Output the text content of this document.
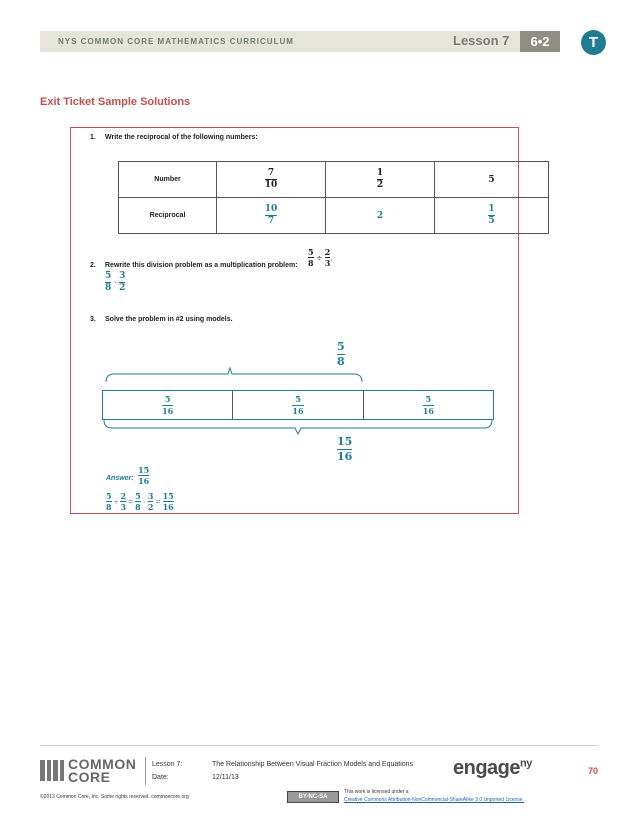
NYS COMMON CORE MATHEMATICS CURRICULUM	Lesson 7	6•2	T
Exit Ticket Sample Solutions
1. Write the reciprocal of the following numbers:
Number	$\frac{7}{10}$	$\frac{1}{2}$	5
Reciprocal	$\frac{10}{7}$	2	$\frac{1}{5}$
2. Rewrite this division problem as a multiplication problem: $\frac{5}{8} \div \frac{2}{3}$ .
$\frac{5}{8} \cdot \frac{3}{2}$
3. Solve the problem in #2 using models.
$\frac{5}{8}$
$\frac{5}{16}$	$\frac{5}{16}$	$\frac{5}{16}$
$\frac{15}{16}$
Answer: $\frac{15}{16}$
$\frac{5}{8} \div \frac{2}{3} = \frac{5}{8} \cdot \frac{3}{2} = \frac{15}{16}$
COMMON
CORE
Lesson 7:
Date:
The Relationship Between Visual Fraction Models and Equations
12/11/13	engage$^{ny}$
70
©2013 Common Core, Inc. Some rights reserved. commoncore.org	BY-NC-SA
This work is licensed under a
Creative Commons Attribution-NonCommercial-ShareAlike 3.0 Unported License.
